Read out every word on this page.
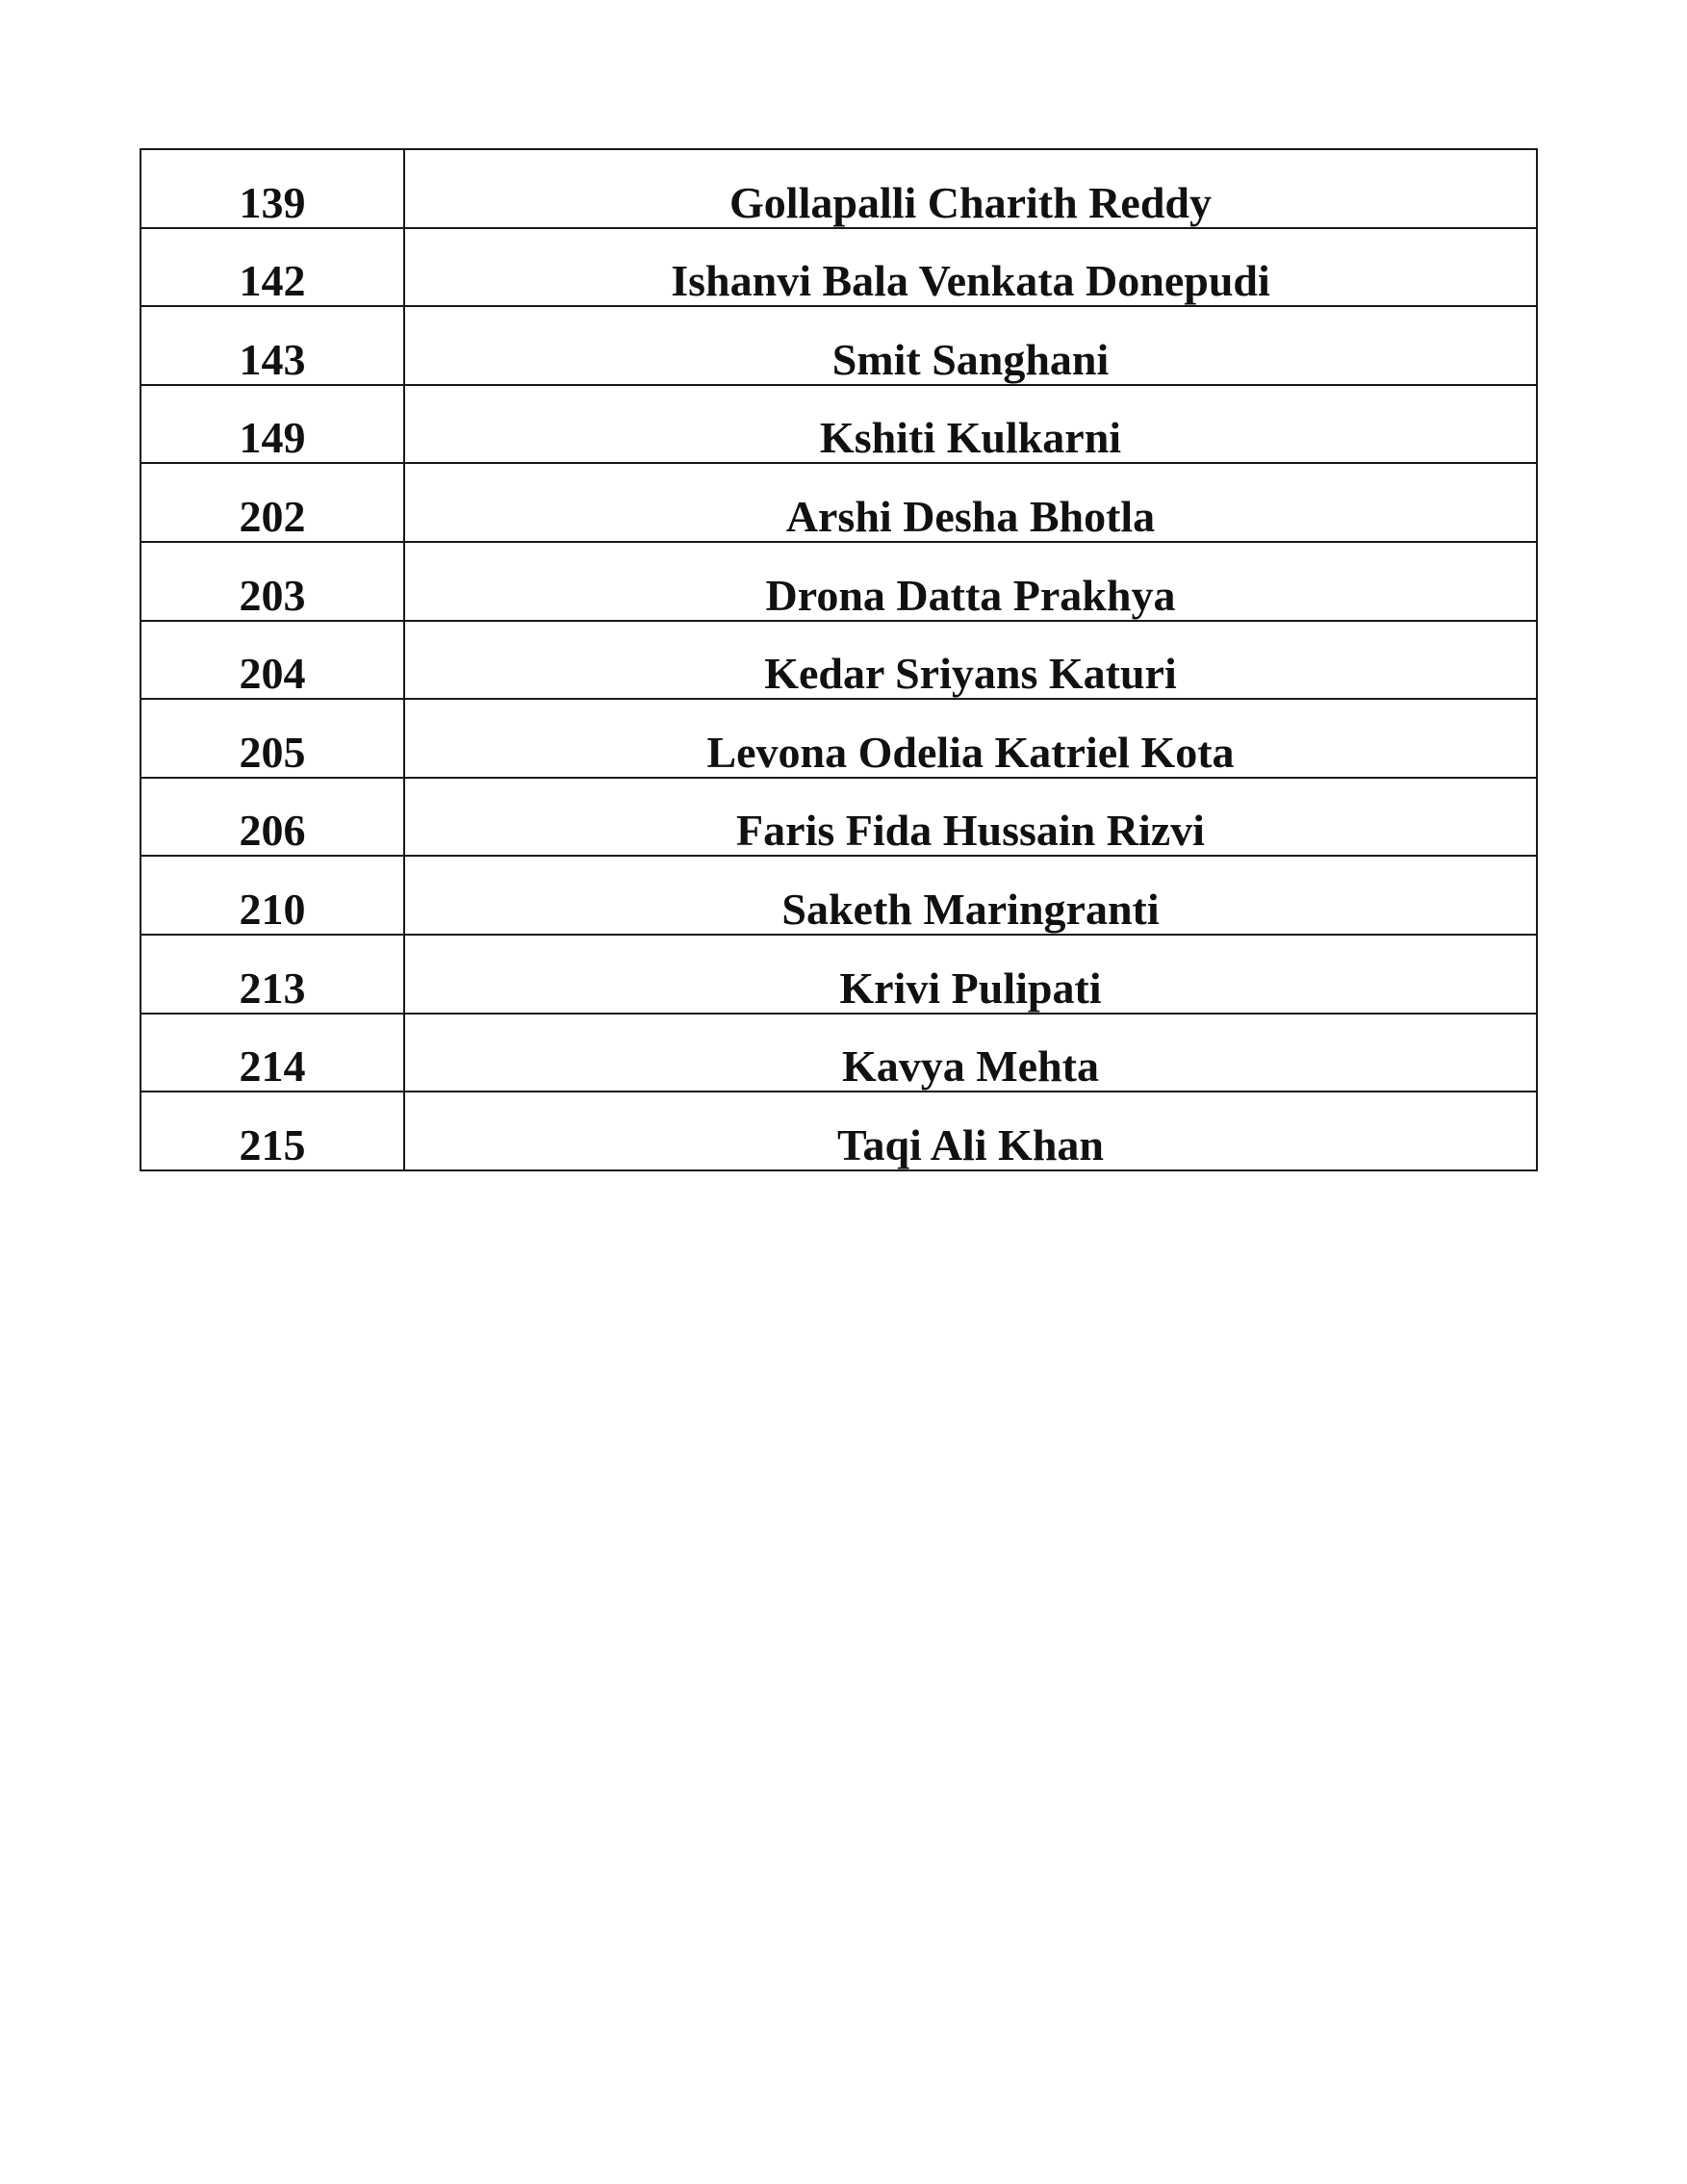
139	Gollapalli Charith Reddy

142	Ishanvi Bala Venkata Donepudi

143	Smit Sanghani

149	Kshiti Kulkarni

202	Arshi Desha Bhotla

203	Drona Datta Prakhya

204	Kedar Sriyans Katuri

205	Levona Odelia Katriel Kota

206	Faris Fida Hussain Rizvi

210	Saketh Maringranti

213	Krivi Pulipati

214	Kavya Mehta

215	Taqi Ali Khan
